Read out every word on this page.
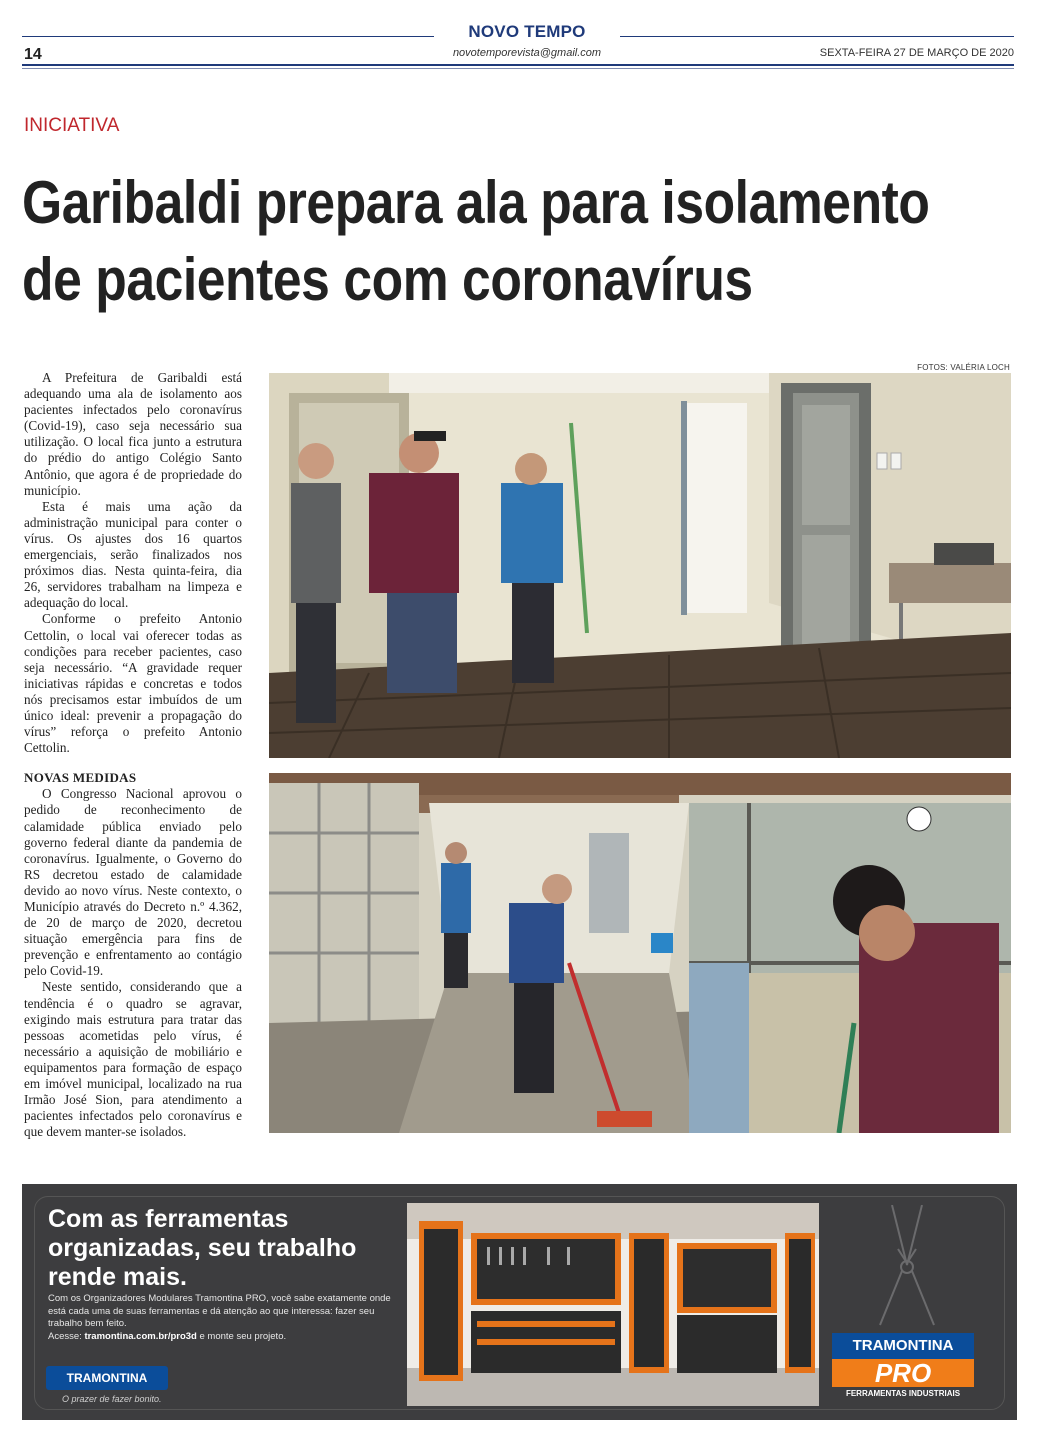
NOVO TEMPO
14	novotemporevista@gmail.com	SEXTA-FEIRA 27 DE MARÇO DE 2020
INICIATIVA
Garibaldi prepara ala para isolamento
de pacientes com coronavírus

A Prefeitura de Garibaldi está adequando uma ala de isolamento aos pacientes infectados pelo coronavírus (Covid-19), caso seja necessário sua utilização. O local fica junto a estrutura do prédio do antigo Colégio Santo Antônio, que agora é de propriedade do município.

Esta é mais uma ação da administração municipal para conter o vírus. Os ajustes dos 16 quartos emergenciais, serão finalizados nos próximos dias. Nesta quinta-feira, dia 26, servidores trabalham na limpeza e adequação do local.

Conforme o prefeito Antonio Cettolin, o local vai oferecer todas as condições para receber pacientes, caso seja necessário. “A gravidade requer iniciativas rápidas e concretas e todos nós precisamos estar imbuídos de um único ideal: prevenir a propagação do vírus” reforça o prefeito Antonio Cettolin.

NOVAS MEDIDAS

O Congresso Nacional aprovou o pedido de reconhecimento de calamidade pública enviado pelo governo federal diante da pandemia de coronavírus. Igualmente, o Governo do RS decretou estado de calamidade devido ao novo vírus. Neste contexto, o Município através do Decreto n.º 4.362, de 20 de março de 2020, decretou situação emergência para fins de prevenção e enfrentamento ao contágio pelo Covid-19.

Neste sentido, considerando que a tendência é o quadro se agravar, exigindo mais estrutura para tratar das pessoas acometidas pelo vírus, é necessário a aquisição de mobiliário e equipamentos para formação de espaço em imóvel municipal, localizado na rua Irmão José Sion, para atendimento a pacientes infectados pelo coronavírus e que devem manter-se isolados.

FOTOS: VALÉRIA LOCH
Com as ferramentas organizadas, seu trabalho rende mais.
Com os Organizadores Modulares Tramontina PRO, você sabe exatamente onde está cada uma de suas ferramentas e dá atenção ao que interessa: fazer seu trabalho bem feito.
Acesse: tramontina.com.br/pro3d e monte seu projeto.
TRAMONTINA
O prazer de fazer bonito.
TRAMONTINA
PRO
FERRAMENTAS INDUSTRIAIS
